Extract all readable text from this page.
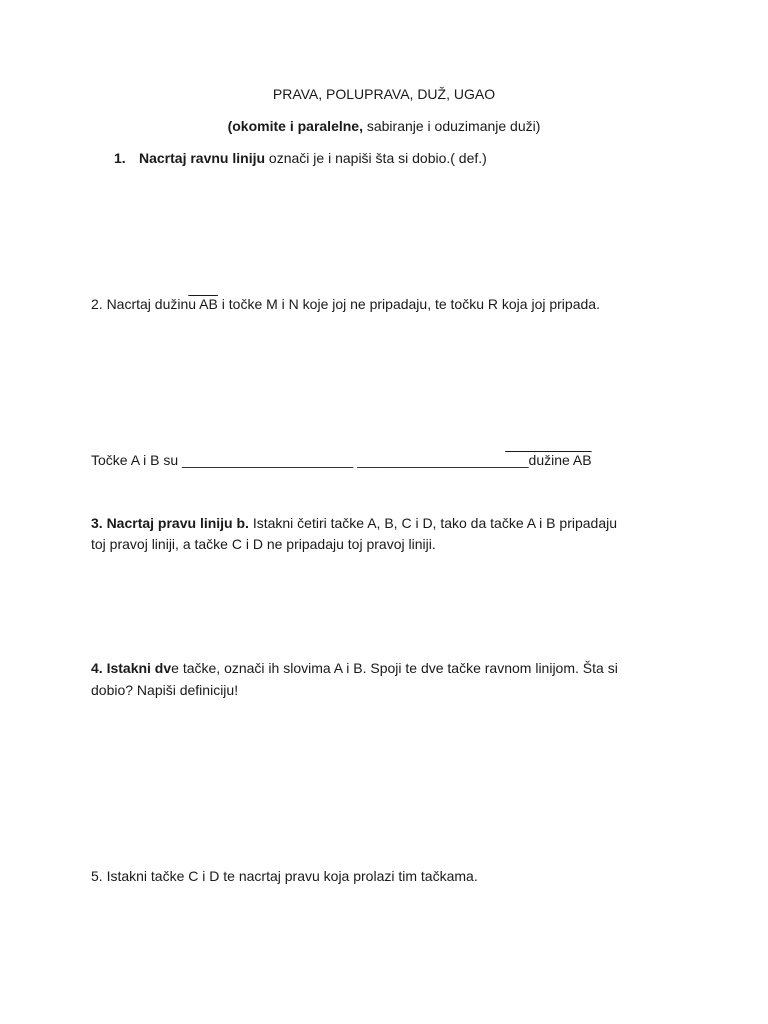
PRAVA, POLUPRAVA, DUŽ, UGAO
(okomite i paralelne, sabiranje i oduzimanje duži)
1. Nacrtaj ravnu liniju označi je i napiši šta si dobio.( def.)
2. Nacrtaj dužinu AB i točke M i N koje joj ne pripadaju, te točku R koja joj pripada.
Točke A i B su ______________________ ______________________dužine AB
3. Nacrtaj pravu liniju b. Istakni četiri tačke A, B, C i D, tako da tačke A i B pripadaju
toj pravoj liniji, a tačke C i D ne pripadaju toj pravoj liniji.
4. Istakni dve tačke, označi ih slovima A i B. Spoji te dve tačke ravnom linijom. Šta si
dobio? Napiši definiciju!
5. Istakni tačke C i D te nacrtaj pravu koja prolazi tim tačkama.
